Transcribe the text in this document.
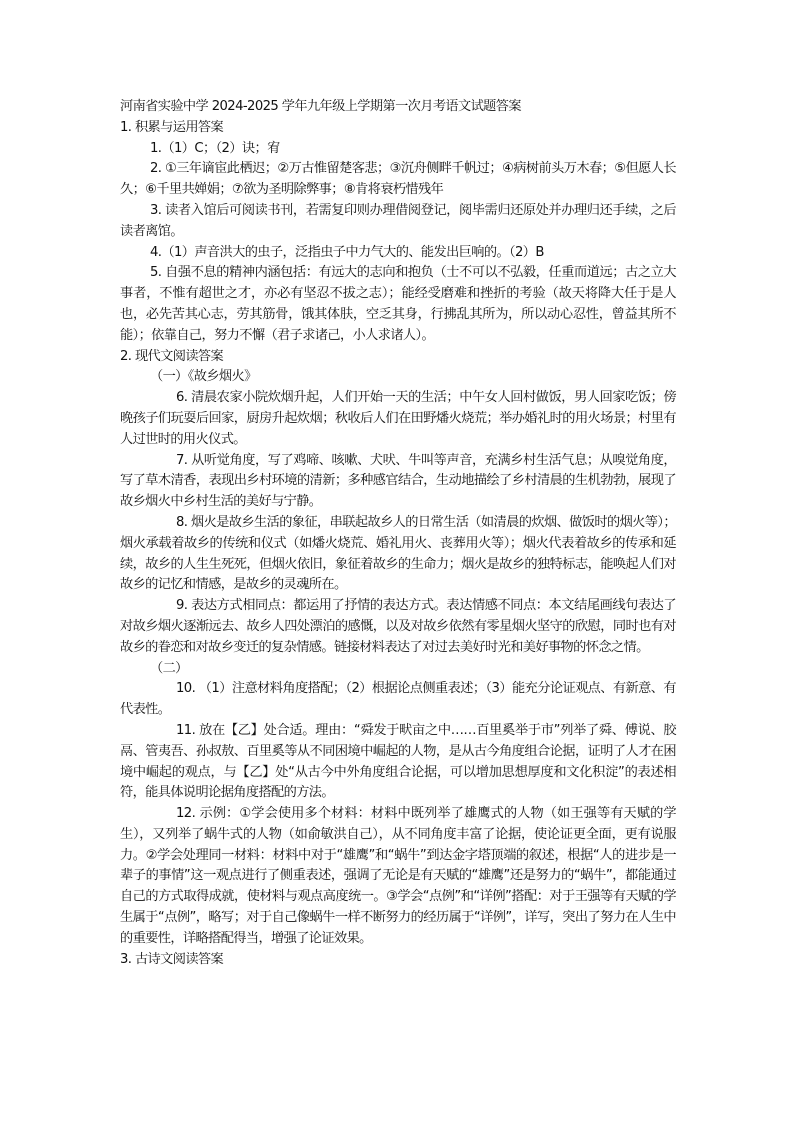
河南省实验中学 2024-2025 学年九年级上学期第一次月考语文试题答案
1. 积累与运用答案

1.（1）C；（2）诀；宥

2. ①三年谪宦此栖迟；②万古惟留楚客悲；③沉舟侧畔千帆过；④病树前头万木春；⑤但愿人长久；⑥千里共婵娟；⑦欲为圣明除弊事；⑧肯将衰朽惜残年

3. 读者入馆后可阅读书刊，若需复印则办理借阅登记，阅毕需归还原处并办理归还手续，之后读者离馆。

4.（1）声音洪大的虫子，泛指虫子中力气大的、能发出巨响的。（2）B

5. 自强不息的精神内涵包括：有远大的志向和抱负（士不可以不弘毅，任重而道远；古之立大事者，不惟有超世之才，亦必有坚忍不拔之志）；能经受磨难和挫折的考验（故天将降大任于是人也，必先苦其心志，劳其筋骨，饿其体肤，空乏其身，行拂乱其所为，所以动心忍性，曾益其所不能）；依靠自己，努力不懈（君子求诸己，小人求诸人）。

2. 现代文阅读答案

（一）《故乡烟火》

6. 清晨农家小院炊烟升起，人们开始一天的生活；中午女人回村做饭，男人回家吃饭；傍晚孩子们玩耍后回家，厨房升起炊烟；秋收后人们在田野燔火烧荒；举办婚礼时的用火场景；村里有人过世时的用火仪式。

7. 从听觉角度，写了鸡啼、咳嗽、犬吠、牛叫等声音，充满乡村生活气息；从嗅觉角度，写了草木清香，表现出乡村环境的清新；多种感官结合，生动地描绘了乡村清晨的生机勃勃，展现了故乡烟火中乡村生活的美好与宁静。

8. 烟火是故乡生活的象征，串联起故乡人的日常生活（如清晨的炊烟、做饭时的烟火等）；烟火承载着故乡的传统和仪式（如燔火烧荒、婚礼用火、丧葬用火等）；烟火代表着故乡的传承和延续，故乡的人生生死死，但烟火依旧，象征着故乡的生命力；烟火是故乡的独特标志，能唤起人们对故乡的记忆和情感，是故乡的灵魂所在。

9. 表达方式相同点：都运用了抒情的表达方式。表达情感不同点：本文结尾画线句表达了对故乡烟火逐渐远去、故乡人四处漂泊的感慨，以及对故乡依然有零星烟火坚守的欣慰，同时也有对故乡的眷恋和对故乡变迁的复杂情感。链接材料表达了对过去美好时光和美好事物的怀念之情。

（二）

10. （1）注意材料角度搭配；（2）根据论点侧重表述；（3）能充分论证观点、有新意、有代表性。

11. 放在【乙】处合适。理由：“舜发于畎亩之中……百里奚举于市”列举了舜、傅说、胶鬲、管夷吾、孙叔敖、百里奚等从不同困境中崛起的人物，是从古今角度组合论据，证明了人才在困境中崛起的观点，与【乙】处“从古今中外角度组合论据，可以增加思想厚度和文化积淀”的表述相符，能具体说明论据角度搭配的方法。

12. 示例：①学会使用多个材料：材料中既列举了雄鹰式的人物（如王强等有天赋的学生），又列举了蜗牛式的人物（如俞敏洪自己），从不同角度丰富了论据，使论证更全面，更有说服力。②学会处理同一材料：材料中对于“雄鹰”和“蜗牛”到达金字塔顶端的叙述，根据“人的进步是一辈子的事情”这一观点进行了侧重表述，强调了无论是有天赋的“雄鹰”还是努力的“蜗牛”，都能通过自己的方式取得成就，使材料与观点高度统一。③学会“点例”和“详例”搭配：对于王强等有天赋的学生属于“点例”，略写；对于自己像蜗牛一样不断努力的经历属于“详例”，详写，突出了努力在人生中的重要性，详略搭配得当，增强了论证效果。

3. 古诗文阅读答案
